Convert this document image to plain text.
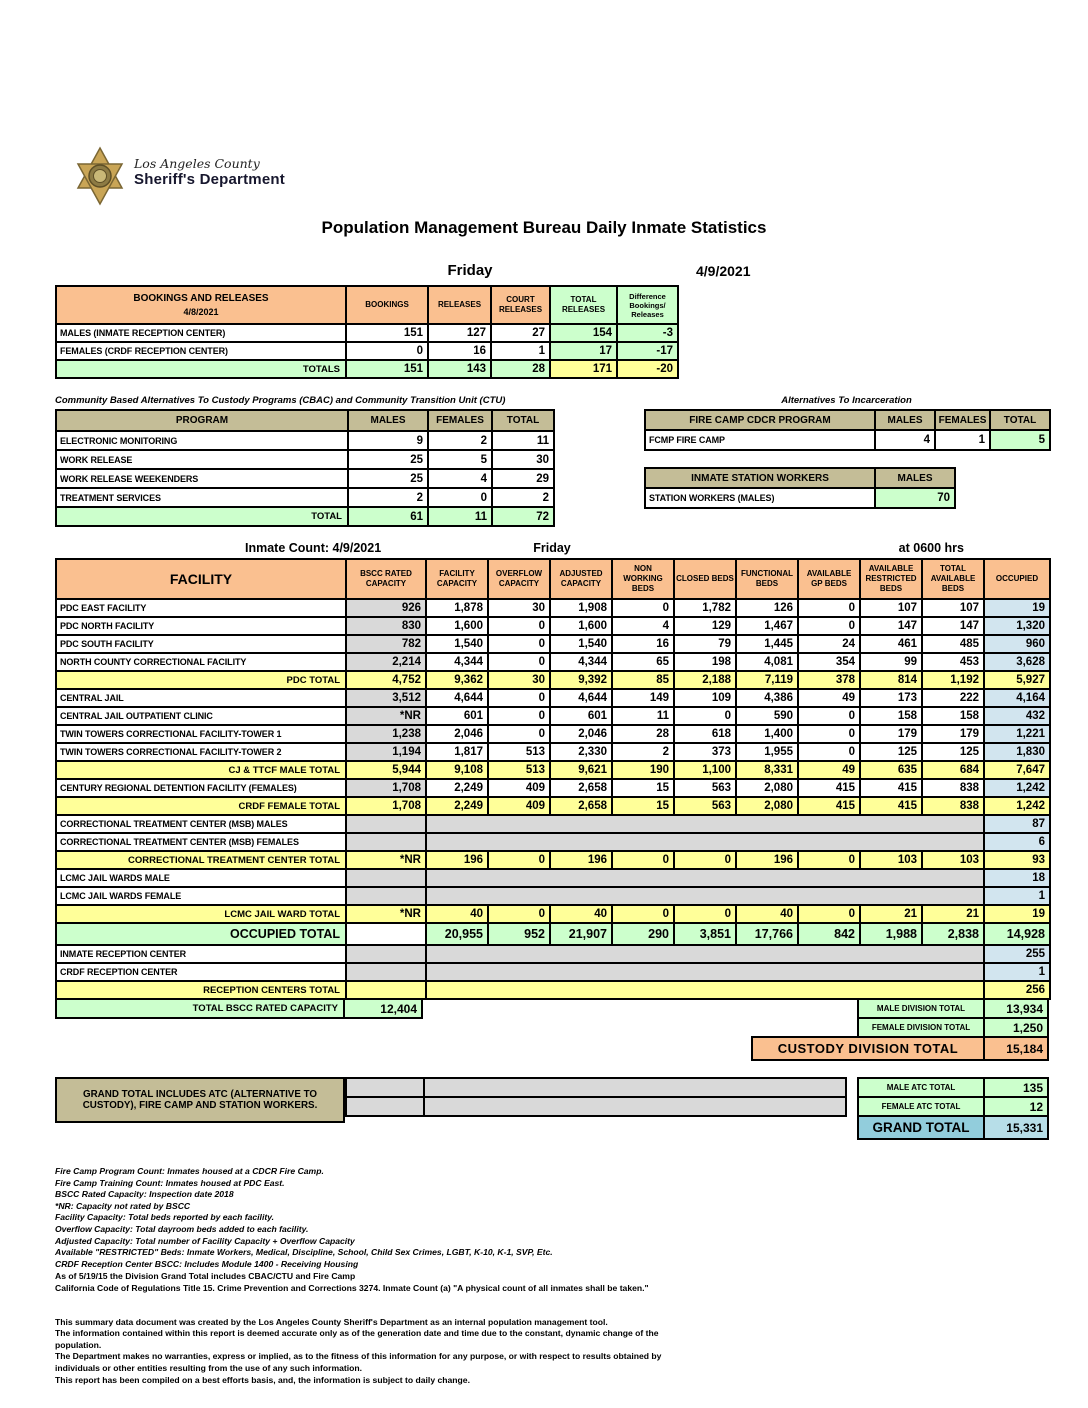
Los Angeles County
Sheriff's Department
Population Management Bureau Daily Inmate Statistics
Friday	4/9/2021
BOOKINGS AND RELEASES
4/8/2021	BOOKINGS	RELEASES	COURT RELEASES	TOTAL RELEASES	Difference Bookings/ Releases
MALES (INMATE RECEPTION CENTER)	151	127	27	154	-3
FEMALES (CRDF RECEPTION CENTER)	0	16	1	17	-17
TOTALS	151	143	28	171	-20
Community Based Alternatives To Custody Programs (CBAC) and Community Transition Unit (CTU)
PROGRAM	MALES	FEMALES	TOTAL
ELECTRONIC MONITORING	9	2	11
WORK RELEASE	25	5	30
WORK RELEASE WEEKENDERS	25	4	29
TREATMENT SERVICES	2	0	2
TOTAL	61	11	72
Alternatives To Incarceration
FIRE CAMP CDCR PROGRAM	MALES	FEMALES	TOTAL
FCMP FIRE CAMP	4	1	5
INMATE STATION WORKERS	MALES
STATION WORKERS (MALES)	70
Inmate Count: 4/9/2021	Friday	at 0600 hrs
FACILITY	BSCC RATED CAPACITY	FACILITY CAPACITY	OVERFLOW CAPACITY	ADJUSTED CAPACITY	NON WORKING BEDS	CLOSED BEDS	FUNCTIONAL BEDS	AVAILABLE GP BEDS	AVAILABLE RESTRICTED BEDS	TOTAL AVAILABLE BEDS	OCCUPIED
PDC EAST FACILITY	926	1,878	30	1,908	0	1,782	126	0	107	107	19
PDC NORTH FACILITY	830	1,600	0	1,600	4	129	1,467	0	147	147	1,320
PDC SOUTH FACILITY	782	1,540	0	1,540	16	79	1,445	24	461	485	960
NORTH COUNTY CORRECTIONAL FACILITY	2,214	4,344	0	4,344	65	198	4,081	354	99	453	3,628
PDC TOTAL	4,752	9,362	30	9,392	85	2,188	7,119	378	814	1,192	5,927
CENTRAL JAIL	3,512	4,644	0	4,644	149	109	4,386	49	173	222	4,164
CENTRAL JAIL OUTPATIENT CLINIC	*NR	601	0	601	11	0	590	0	158	158	432
TWIN TOWERS CORRECTIONAL FACILITY-TOWER 1	1,238	2,046	0	2,046	28	618	1,400	0	179	179	1,221
TWIN TOWERS CORRECTIONAL FACILITY-TOWER 2	1,194	1,817	513	2,330	2	373	1,955	0	125	125	1,830
CJ & TTCF MALE TOTAL	5,944	9,108	513	9,621	190	1,100	8,331	49	635	684	7,647
CENTURY REGIONAL DETENTION FACILITY (FEMALES)	1,708	2,249	409	2,658	15	563	2,080	415	415	838	1,242
CRDF FEMALE TOTAL	1,708	2,249	409	2,658	15	563	2,080	415	415	838	1,242
CORRECTIONAL TREATMENT CENTER (MSB) MALES											87
CORRECTIONAL TREATMENT CENTER (MSB) FEMALES											6
CORRECTIONAL TREATMENT CENTER TOTAL	*NR	196	0	196	0	0	196	0	103	103	93
LCMC JAIL WARDS MALE											18
LCMC JAIL WARDS FEMALE											1
LCMC JAIL WARD TOTAL	*NR	40	0	40	0	0	40	0	21	21	19
OCCUPIED TOTAL		20,955	952	21,907	290	3,851	17,766	842	1,988	2,838	14,928
INMATE RECEPTION CENTER											255
CRDF RECEPTION CENTER											1
RECEPTION CENTERS TOTAL											256
TOTAL BSCC RATED CAPACITY	12,404	MALE DIVISION TOTAL	13,934
FEMALE DIVISION TOTAL	1,250
CUSTODY DIVISION TOTAL	15,184
GRAND TOTAL INCLUDES ATC (ALTERNATIVE TO CUSTODY), FIRE CAMP AND STATION WORKERS.
MALE ATC TOTAL	135
FEMALE ATC TOTAL	12
GRAND TOTAL	15,331
Fire Camp Program Count: Inmates housed at a CDCR Fire Camp.
Fire Camp Training Count: Inmates housed at PDC East.
BSCC Rated Capacity: Inspection date 2018
*NR: Capacity not rated by BSCC
Facility Capacity: Total beds reported by each facility.
Overflow Capacity: Total dayroom beds added to each facility.
Adjusted Capacity: Total number of Facility Capacity + Overflow Capacity
Available "RESTRICTED" Beds: Inmate Workers, Medical, Discipline, School, Child Sex Crimes, LGBT, K-10, K-1, SVP, Etc.
CRDF Reception Center BSCC: Includes Module 1400 - Receiving Housing
As of 5/19/15 the Division Grand Total includes CBAC/CTU and Fire Camp
California Code of Regulations Title 15. Crime Prevention and Corrections 3274. Inmate Count (a) "A physical count of all inmates shall be taken."
This summary data document was created by the Los Angeles County Sheriff's Department as an internal population management tool.
The information contained within this report is deemed accurate only as of the generation date and time due to the constant, dynamic change of the population.
The Department makes no warranties, express or implied, as to the fitness of this information for any purpose, or with respect to results obtained by individuals or other entities resulting from the use of any such information.
This report has been compiled on a best efforts basis, and, the information is subject to daily change.
